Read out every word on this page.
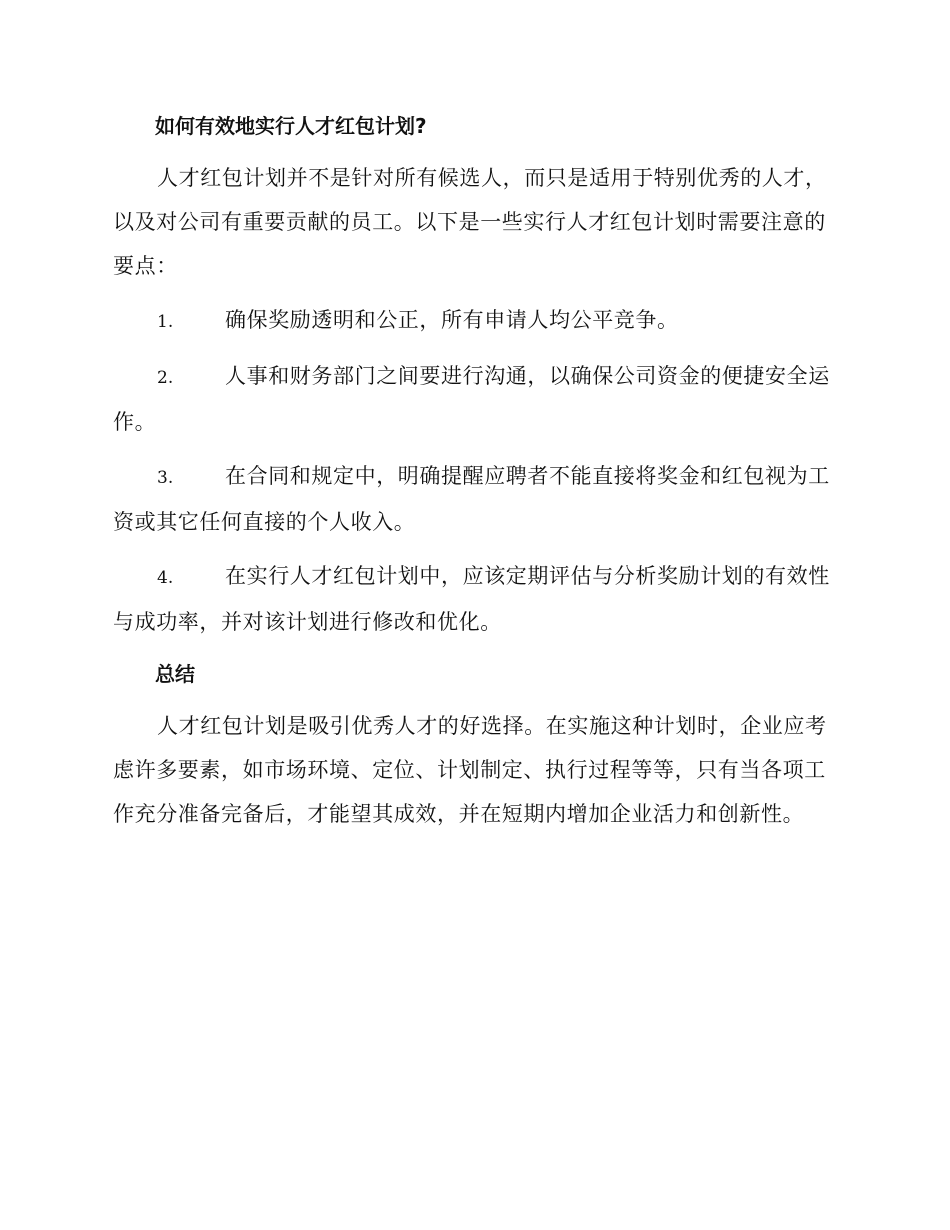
如何有效地实行人才红包计划?

人才红包计划并不是针对所有候选人，而只是适用于特别优秀的人才，以及对公司有重要贡献的员工。以下是一些实行人才红包计划时需要注意的要点：

1. 确保奖励透明和公正，所有申请人均公平竞争。

2. 人事和财务部门之间要进行沟通，以确保公司资金的便捷安全运作。

3. 在合同和规定中，明确提醒应聘者不能直接将奖金和红包视为工资或其它任何直接的个人收入。

4. 在实行人才红包计划中，应该定期评估与分析奖励计划的有效性与成功率，并对该计划进行修改和优化。

总结

人才红包计划是吸引优秀人才的好选择。在实施这种计划时，企业应考虑许多要素，如市场环境、定位、计划制定、执行过程等等，只有当各项工作充分准备完备后，才能望其成效，并在短期内增加企业活力和创新性。
